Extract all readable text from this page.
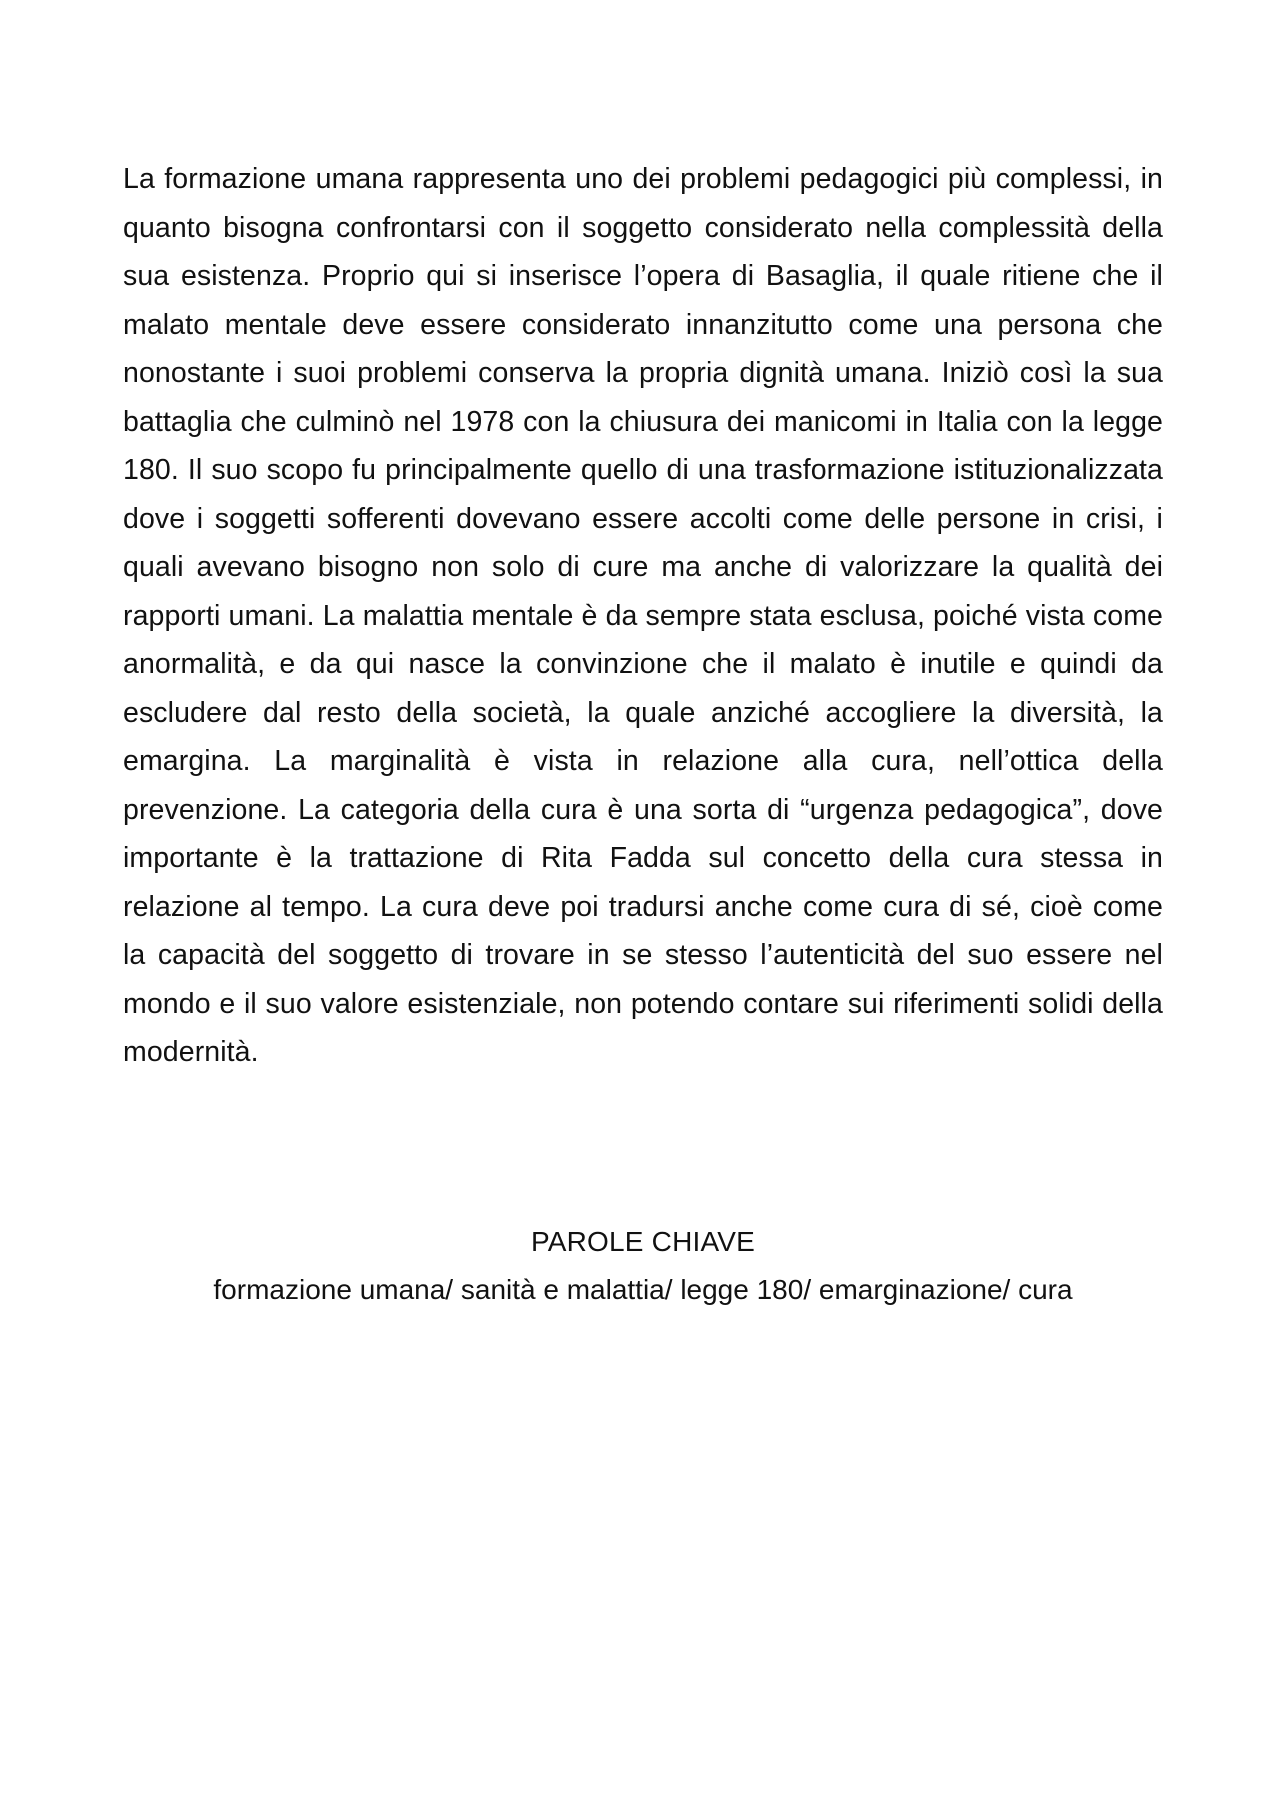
La formazione umana rappresenta uno dei problemi pedagogici più complessi, in quanto bisogna confrontarsi con il soggetto considerato nella complessità della sua esistenza. Proprio qui si inserisce l’opera di Basaglia, il quale ritiene che il malato mentale deve essere considerato innanzitutto come una persona che nonostante i suoi problemi conserva la propria dignità umana. Iniziò così la sua battaglia che culminò nel 1978 con la chiusura dei manicomi in Italia con la legge 180. Il suo scopo fu principalmente quello di una trasformazione istituzionalizzata dove i soggetti sofferenti dovevano essere accolti come delle persone in crisi, i quali avevano bisogno non solo di cure ma anche di valorizzare la qualità dei rapporti umani. La malattia mentale è da sempre stata esclusa, poiché vista come anormalità, e da qui nasce la convinzione che il malato è inutile e quindi da escludere dal resto della società, la quale anziché accogliere la diversità, la emargina. La marginalità è vista in relazione alla cura, nell’ottica della prevenzione. La categoria della cura è una sorta di “urgenza pedagogica”, dove importante è la trattazione di Rita Fadda sul concetto della cura stessa in relazione al tempo. La cura deve poi tradursi anche come cura di sé, cioè come la capacità del soggetto di trovare in se stesso l’autenticità del suo essere nel mondo e il suo valore esistenziale, non potendo contare sui riferimenti solidi della modernità.

PAROLE CHIAVE

formazione umana/ sanità e malattia/ legge 180/ emarginazione/ cura
